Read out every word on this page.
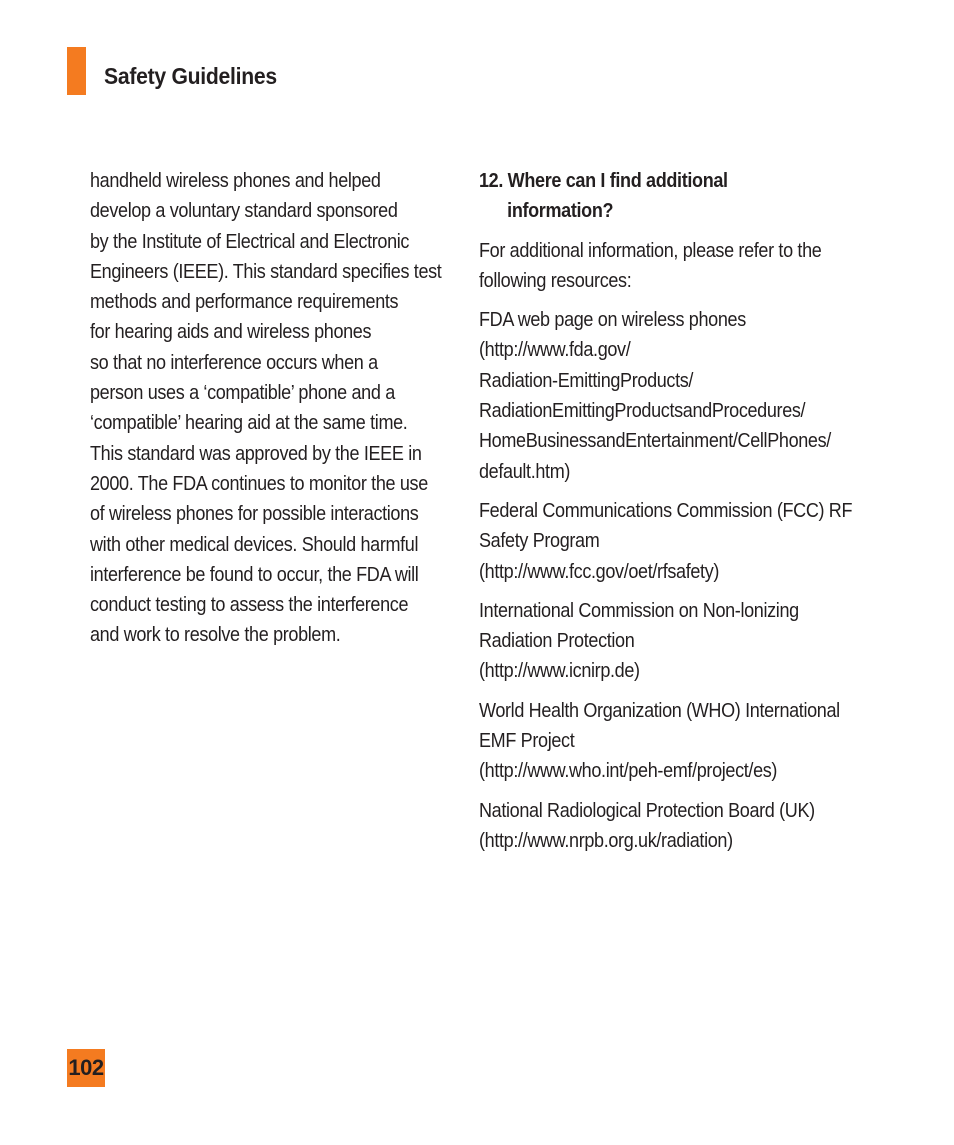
Safety Guidelines

handheld wireless phones and helped
develop a voluntary standard sponsored
by the Institute of Electrical and Electronic
Engineers (IEEE). This standard specifies test
methods and performance requirements
for hearing aids and wireless phones
so that no interference occurs when a
person uses a ‘compatible’ phone and a
‘compatible’ hearing aid at the same time.
This standard was approved by the IEEE in
2000. The FDA continues to monitor the use
of wireless phones for possible interactions
with other medical devices. Should harmful
interference be found to occur, the FDA will
conduct testing to assess the interference
and work to resolve the problem.

12. Where can I find additional
information?
For additional information, please refer to the
following resources:
FDA web page on wireless phones
(http://www.fda.gov/
Radiation-EmittingProducts/
RadiationEmittingProductsandProcedures/
HomeBusinessandEntertainment/CellPhones/
default.htm)
Federal Communications Commission (FCC) RF
Safety Program
(http://www.fcc.gov/oet/rfsafety)
International Commission on Non-lonizing
Radiation Protection
(http://www.icnirp.de)
World Health Organization (WHO) International
EMF Project
(http://www.who.int/peh-emf/project/es)
National Radiological Protection Board (UK)
(http://www.nrpb.org.uk/radiation)
102
